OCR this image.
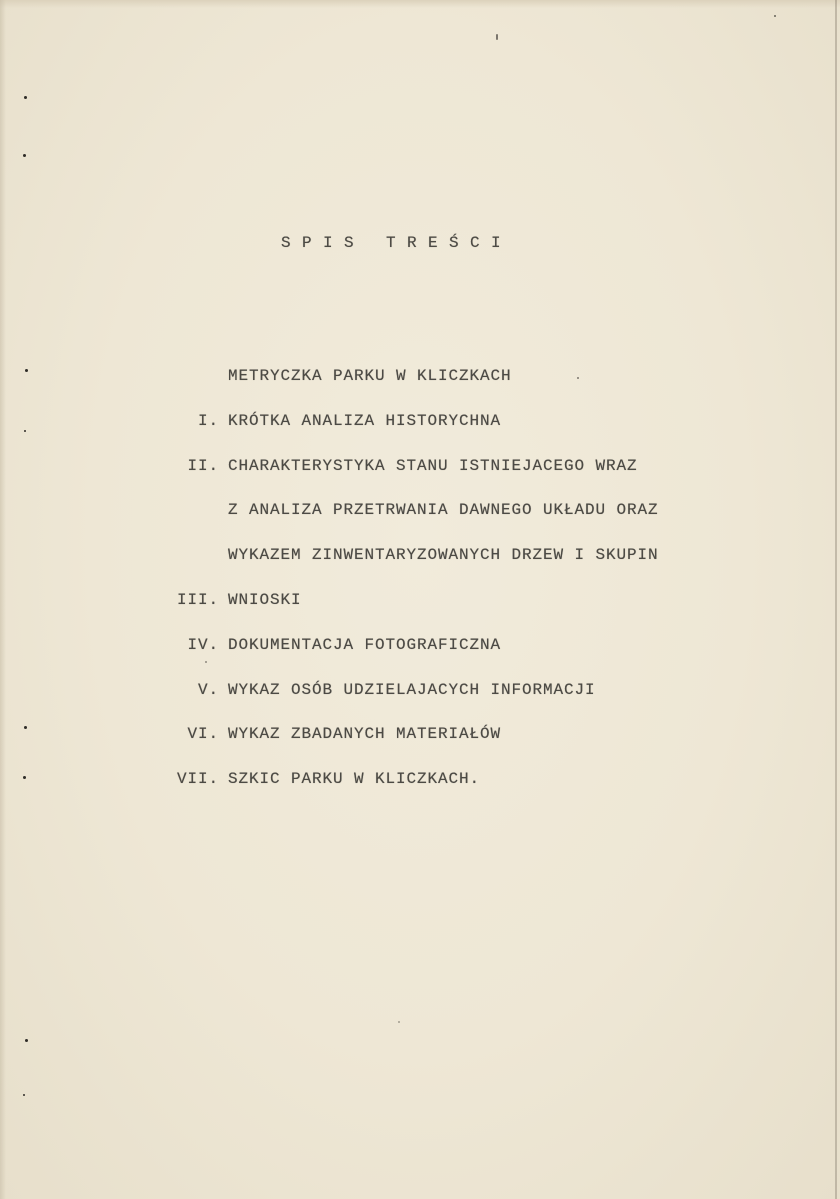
S P I S   T R E Ś C I
METRYCZKA PARKU W KLICZKACH
I. KRÓTKA ANALIZA HISTORYCHNA
II. CHARAKTERYSTYKA STANU ISTNIEJACEGO WRAZ
Z ANALIZA PRZETRWANIA DAWNEGO UKŁADU ORAZ
WYKAZEM ZINWENTARYZOWANYCH DRZEW I SKUPIN
III. WNIOSKI
IV. DOKUMENTACJA FOTOGRAFICZNA
V. WYKAZ OSÓB UDZIELAJACYCH INFORMACJI
VI. WYKAZ ZBADANYCH MATERIAŁÓW
VII. SZKIC PARKU W KLICZKACH.
